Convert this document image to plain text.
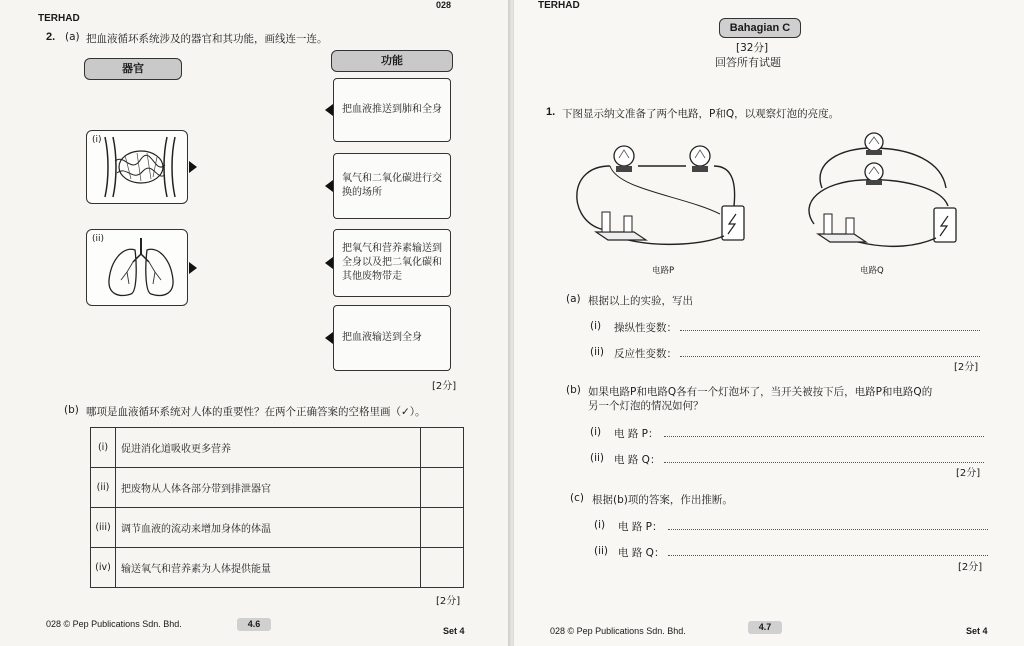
TERHAD
028
2. (a) 把血液循环系统涉及的器官和其功能，画线连一连。
器官
功能
(i)
(ii)
把血液推送到肺和全身
氧气和二氧化碳进行交换的场所
把氧气和营养素输送到全身以及把二氧化碳和其他废物带走
把血液输送到全身
[2分]
(b) 哪项是血液循环系统对人体的重要性？在两个正确答案的空格里画（✓）。
(i)	促进消化道吸收更多营养	
(ii)	把废物从人体各部分带到排泄器官	
(iii)	调节血液的流动来增加身体的体温	
(iv)	输送氧气和营养素为人体提供能量	
[2分]
028 © Pep Publications Sdn. Bhd.	4.6
Set 4
TERHAD
Bahagian C
[32分]
回答所有试题
1. 下图显示纳文准备了两个电路，P和Q，以观察灯泡的亮度。
电路P	电路Q
(a) 根据以上的实验，写出
(i) 操纵性变数：
(ii) 反应性变数：
[2分]
(b) 如果电路P和电路Q各有一个灯泡坏了，当开关被按下后，电路P和电路Q的
另一个灯泡的情况如何？
(i) 电 路 P：
(ii) 电 路 Q：
[2分]
(c) 根据(b)项的答案，作出推断。
(i) 电 路 P：
(ii) 电 路 Q：
[2分]
028 © Pep Publications Sdn. Bhd.	4.7	Set 4
